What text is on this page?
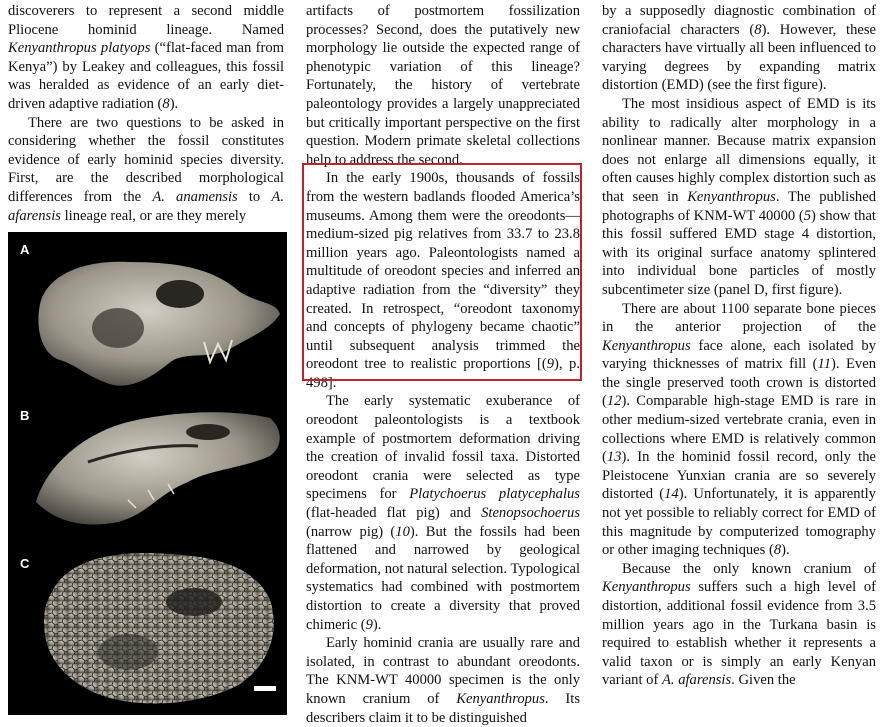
discoverers to represent a second middle Pliocene hominid lineage. Named Kenyanthropus platyops (“flat-faced man from Kenya”) by Leakey and colleagues, this fossil was heralded as evidence of an early diet-driven adaptive radiation (8).

There are two questions to be asked in considering whether the fossil constitutes evidence of early hominid species diversity. First, are the described morphological differences from the A. anamensis to A. afarensis lineage real, or are they merely

artifacts of postmortem fossilization processes? Second, does the putatively new morphology lie outside the expected range of phenotypic variation of this lineage? Fortunately, the history of vertebrate paleontology provides a largely unappreciated but critically important perspective on the first question. Modern primate skeletal collections help to address the second.

In the early 1900s, thousands of fossils from the western badlands flooded America’s museums. Among them were the oreodonts—medium-sized pig relatives from 33.7 to 23.8 million years ago. Paleontologists named a multitude of oreodont species and inferred an adaptive radiation from the “diversity” they created. In retrospect, “oreodont taxonomy and concepts of phylogeny became chaotic” until subsequent analysis trimmed the oreodont tree to realistic proportions [(9), p. 498].

The early systematic exuberance of oreodont paleontologists is a textbook example of postmortem deformation driving the creation of invalid fossil taxa. Distorted oreodont crania were selected as type specimens for Platychoerus platycephalus (flat-headed flat pig) and Stenopsochoerus (narrow pig) (10). But the fossils had been flattened and narrowed by geological deformation, not natural selection. Typological systematics had combined with postmortem distortion to create a diversity that proved chimeric (9).

Early hominid crania are usually rare and isolated, in contrast to abundant oreodonts. The KNM-WT 40000 specimen is the only known cranium of Kenyanthropus. Its describers claim it to be distinguished

by a supposedly diagnostic combination of craniofacial characters (8). However, these characters have virtually all been influenced to varying degrees by expanding matrix distortion (EMD) (see the first figure).

The most insidious aspect of EMD is its ability to radically alter morphology in a nonlinear manner. Because matrix expansion does not enlarge all dimensions equally, it often causes highly complex distortion such as that seen in Kenyanthropus. The published photographs of KNM-WT 40000 (5) show that this fossil suffered EMD stage 4 distortion, with its original surface anatomy splintered into individual bone particles of mostly subcentimeter size (panel D, first figure).

There are about 1100 separate bone pieces in the anterior projection of the Kenyanthropus face alone, each isolated by varying thicknesses of matrix fill (11). Even the single preserved tooth crown is distorted (12). Comparable high-stage EMD is rare in other medium-sized vertebrate crania, even in collections where EMD is relatively common (13). In the hominid fossil record, only the Pleistocene Yunxian crania are so severely distorted (14). Unfortunately, it is apparently not yet possible to reliably correct for EMD of this magnitude by computerized tomography or other imaging techniques (8).

Because the only known cranium of Kenyanthropus suffers such a high level of distortion, additional fossil evidence from 3.5 million years ago in the Turkana basin is required to establish whether it represents a valid taxon or is simply an early Kenyan variant of A. afarensis. Given the

A
B
C
